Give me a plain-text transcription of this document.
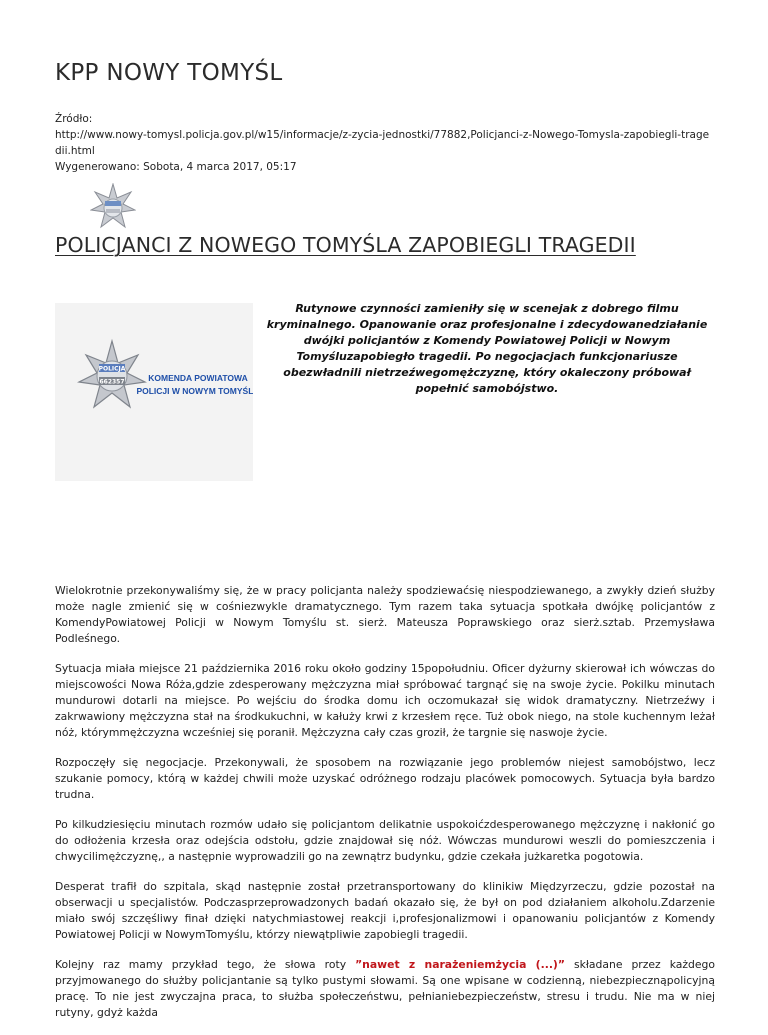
KPP NOWY TOMYŚL
Źródło:
http://www.nowy-tomysl.policja.gov.pl/w15/informacje/z-zycia-jednostki/77882,Policjanci-z-Nowego-Tomysla-zapobiegli-tragedii.html
Wygenerowano: Sobota, 4 marca 2017, 05:17
POLICJANCI Z NOWEGO TOMYŚLA ZAPOBIEGLI TRAGEDII
POLICJA
662357	KOMENDA POWIATOWA
POLICJI W NOWYM TOMYŚLU
Rutynowe czynności zamieniły się w scenejak z dobrego filmu kryminalnego. Opanowanie oraz profesjonalne i zdecydowanedziałanie dwójki policjantów z Komendy Powiatowej Policji w Nowym Tomyśluzapobiegło tragedii. Po negocjacjach funkcjonariusze obezwładnili nietrzeźwegomężczyznę, który okaleczony próbował popełnić samobójstwo.

Wielokrotnie przekonywaliśmy się, że w pracy policjanta należy spodziewaćsię niespodziewanego, a zwykły dzień służby może nagle zmienić się w cośniezwykle dramatycznego. Tym razem taka sytuacja spotkała dwójkę policjantów z KomendyPowiatowej Policji w Nowym Tomyślu st. sierż. Mateusza Poprawskiego oraz sierż.sztab. Przemysława Podleśnego.

Sytuacja miała miejsce 21 października 2016 roku około godziny 15popołudniu. Oficer dyżurny skierował ich wówczas do miejscowości Nowa Róża,gdzie zdesperowany mężczyzna miał spróbować targnąć się na swoje życie. Pokilku minutach mundurowi dotarli na miejsce. Po wejściu do środka domu ich oczomukazał się widok dramatyczny. Nietrzeźwy i zakrwawiony mężczyzna stał na środkukuchni, w kałuży krwi z krzesłem ręce. Tuż obok niego, na stole kuchennym leżał nóż, którymmężczyzna wcześniej się poranił. Mężczyzna cały czas groził, że targnie się naswoje życie.

Rozpoczęły się negocjacje. Przekonywali, że sposobem na rozwiązanie jego problemów niejest samobójstwo, lecz szukanie pomocy, którą w każdej chwili może uzyskać odróżnego rodzaju placówek pomocowych. Sytuacja była bardzo trudna.

Po kilkudziesięciu minutach rozmów udało się policjantom delikatnie uspokoićzdesperowanego mężczyznę i nakłonić go do odłożenia krzesła oraz odejścia odstołu, gdzie znajdował się nóż. Wówczas mundurowi weszli do pomieszczenia i chwycilimężczyznę,, a następnie wyprowadzili go na zewnątrz budynku, gdzie czekała jużkaretka pogotowia.

Desperat trafił do szpitala, skąd następnie został przetransportowany do klinikiw Międzyrzeczu, gdzie pozostał na obserwacji u specjalistów. Podczasprzeprowadzonych badań okazało się, że był on pod działaniem alkoholu.Zdarzenie miało swój szczęśliwy finał dzięki natychmiastowej reakcji i,profesjonalizmowi i opanowaniu policjantów z Komendy Powiatowej Policji w NowymTomyślu, którzy niewątpliwie zapobiegli tragedii.

Kolejny raz mamy przykład tego, że słowa roty ”nawet z narażeniemżycia (...)” składane przez każdego przyjmowanego do służby policjantanie są tylko pustymi słowami. Są one wpisane w codzienną, niebezpiecznąpolicyjną pracę. To nie jest zwyczajna praca, to służba społeczeństwu, pełnianiebezpieczeństw, stresu i trudu. Nie ma w niej rutyny, gdyż każda
